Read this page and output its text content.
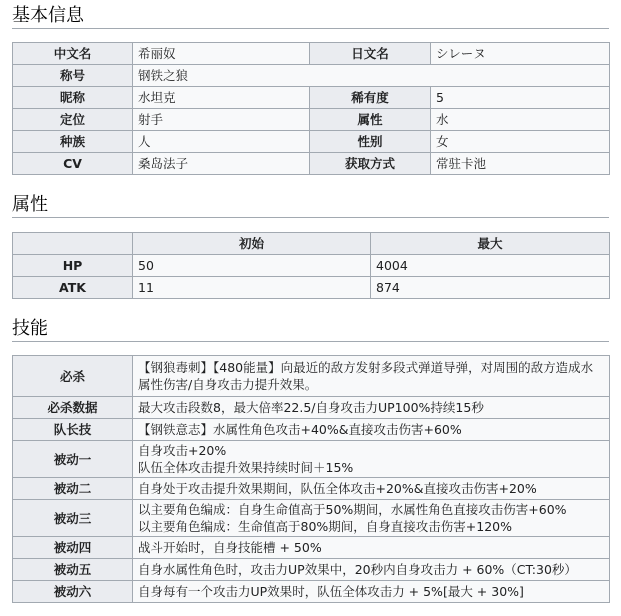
基本信息
中文名	希丽奴	日文名	シレーヌ
称号	钢铁之狼		
昵称	水坦克	稀有度	5
定位	射手	属性	水
种族	人	性别	女
CV	桑岛法子	获取方式	常驻卡池
属性
	初始	最大
HP	50	4004
ATK	11	874
技能
必杀	【钢狼毒刺】【480能量】向最近的敌方发射多段式弹道导弹，对周围的敌方造成水
属性伤害/自身攻击力提升效果。

必杀数据	最大攻击段数8，最大倍率22.5/自身攻击力UP100%持续15秒
队长技	【钢铁意志】水属性角色攻击+40%&直接攻击伤害+60%
被动一	自身攻击+20%
队伍全体攻击提升效果持续时间＋15%

被动二	自身处于攻击提升效果期间，队伍全体攻击+20%&直接攻击伤害+20%
被动三	以主要角色编成：自身生命值高于50%期间，水属性角色直接攻击伤害+60%
以主要角色编成：生命值高于80%期间，自身直接攻击伤害+120%

被动四	战斗开始时，自身技能槽 + 50%
被动五	自身水属性角色时，攻击力UP效果中，20秒内自身攻击力 + 60%（CT:30秒）
被动六	自身每有一个攻击力UP效果时，队伍全体攻击力 + 5%[最大 + 30%]
